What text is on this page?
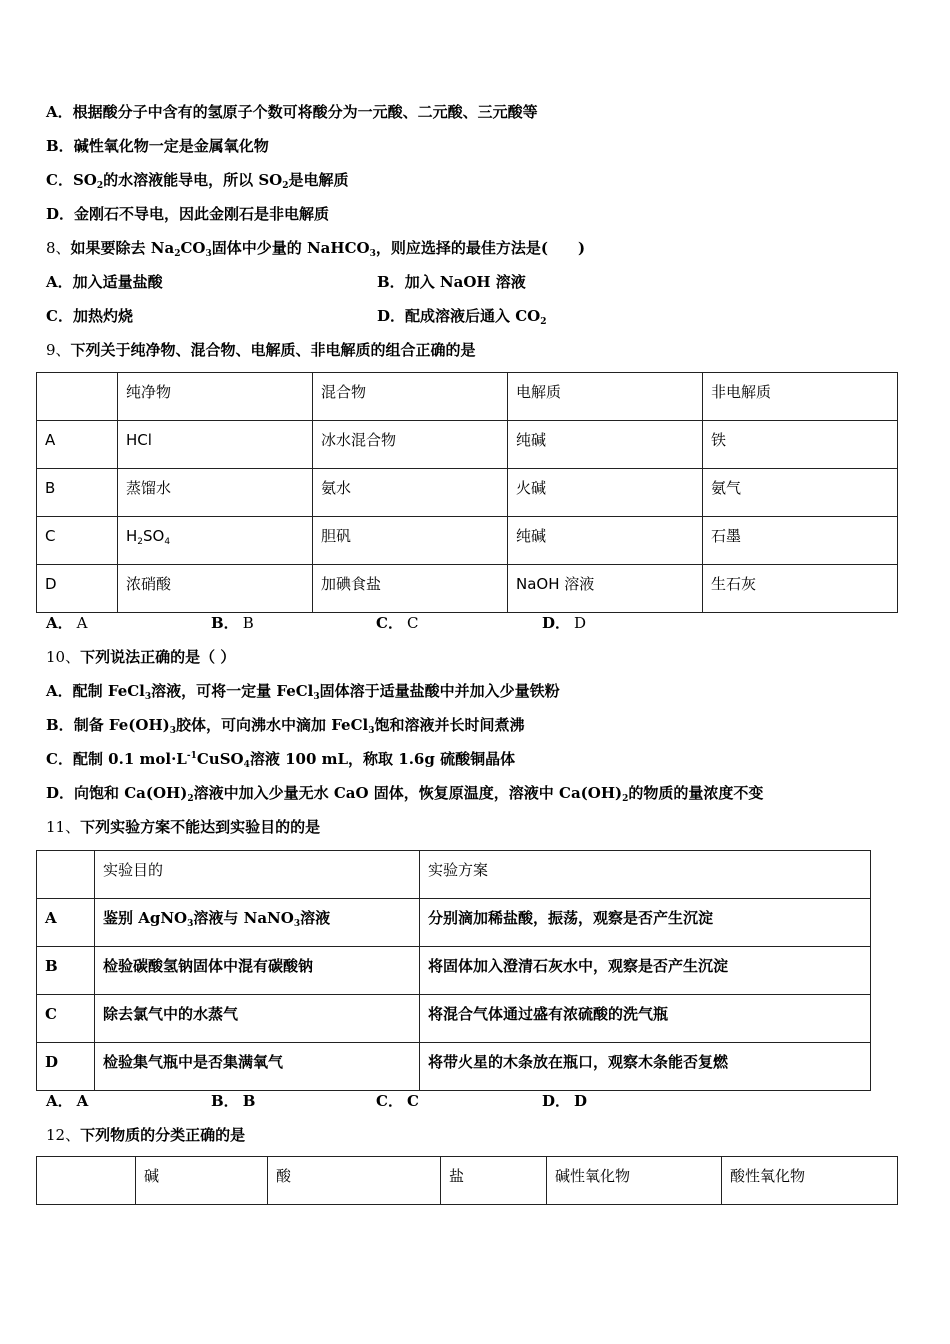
A．根据酸分子中含有的氢原子个数可将酸分为一元酸、二元酸、三元酸等
B．碱性氧化物一定是金属氧化物
C．$SO_2$的水溶液能导电，所以 $SO_2$是电解质
D．金刚石不导电，因此金刚石是非电解质
8、如果要除去 $Na_2CO_3$固体中少量的 NaHCO$_3$，则应选择的最佳方法是(　　)
A．加入适量盐酸	B．加入 NaOH 溶液
C．加热灼烧	D．配成溶液后通入 $CO_2$
9、下列关于纯净物、混合物、电解质、非电解质的组合正确的是
	纯净物	混合物	电解质	非电解质
A	HCl	冰水混合物	纯碱	铁
B	蒸馏水	氨水	火碱	氨气
C	$H_2SO_4$	胆矾	纯碱	石墨
D	浓硝酸	加碘食盐	NaOH 溶液	生石灰
A． A	B． B	C． C	D． D
10、下列说法正确的是（ ）
A．配制 FeCl$_3$溶液，可将一定量 FeCl$_3$固体溶于适量盐酸中并加入少量铁粉
B．制备 $Fe(OH)_3$胶体，可向沸水中滴加 FeCl$_3$饱和溶液并长时间煮沸
C．配制 0.1 $mol\cdot L^{-1}CuSO_4$溶液 100 mL，称取 1.6g 硫酸铜晶体
D．向饱和 $Ca(OH)_2$溶液中加入少量无水 CaO 固体，恢复原温度，溶液中 $Ca(OH)_2$的物质的量浓度不变
11、下列实验方案不能达到实验目的的是
	实验目的	实验方案
A	鉴别 AgNO$_3$溶液与 NaNO$_3$溶液	分别滴加稀盐酸，振荡，观察是否产生沉淀
B	检验碳酸氢钠固体中混有碳酸钠	将固体加入澄清石灰水中，观察是否产生沉淀
C	除去氯气中的水蒸气	将混合气体通过盛有浓硫酸的洗气瓶
D	检验集气瓶中是否集满氧气	将带火星的木条放在瓶口，观察木条能否复燃
A． A	B． B	C． C	D． D
12、下列物质的分类正确的是
	碱	酸	盐	碱性氧化物	酸性氧化物
